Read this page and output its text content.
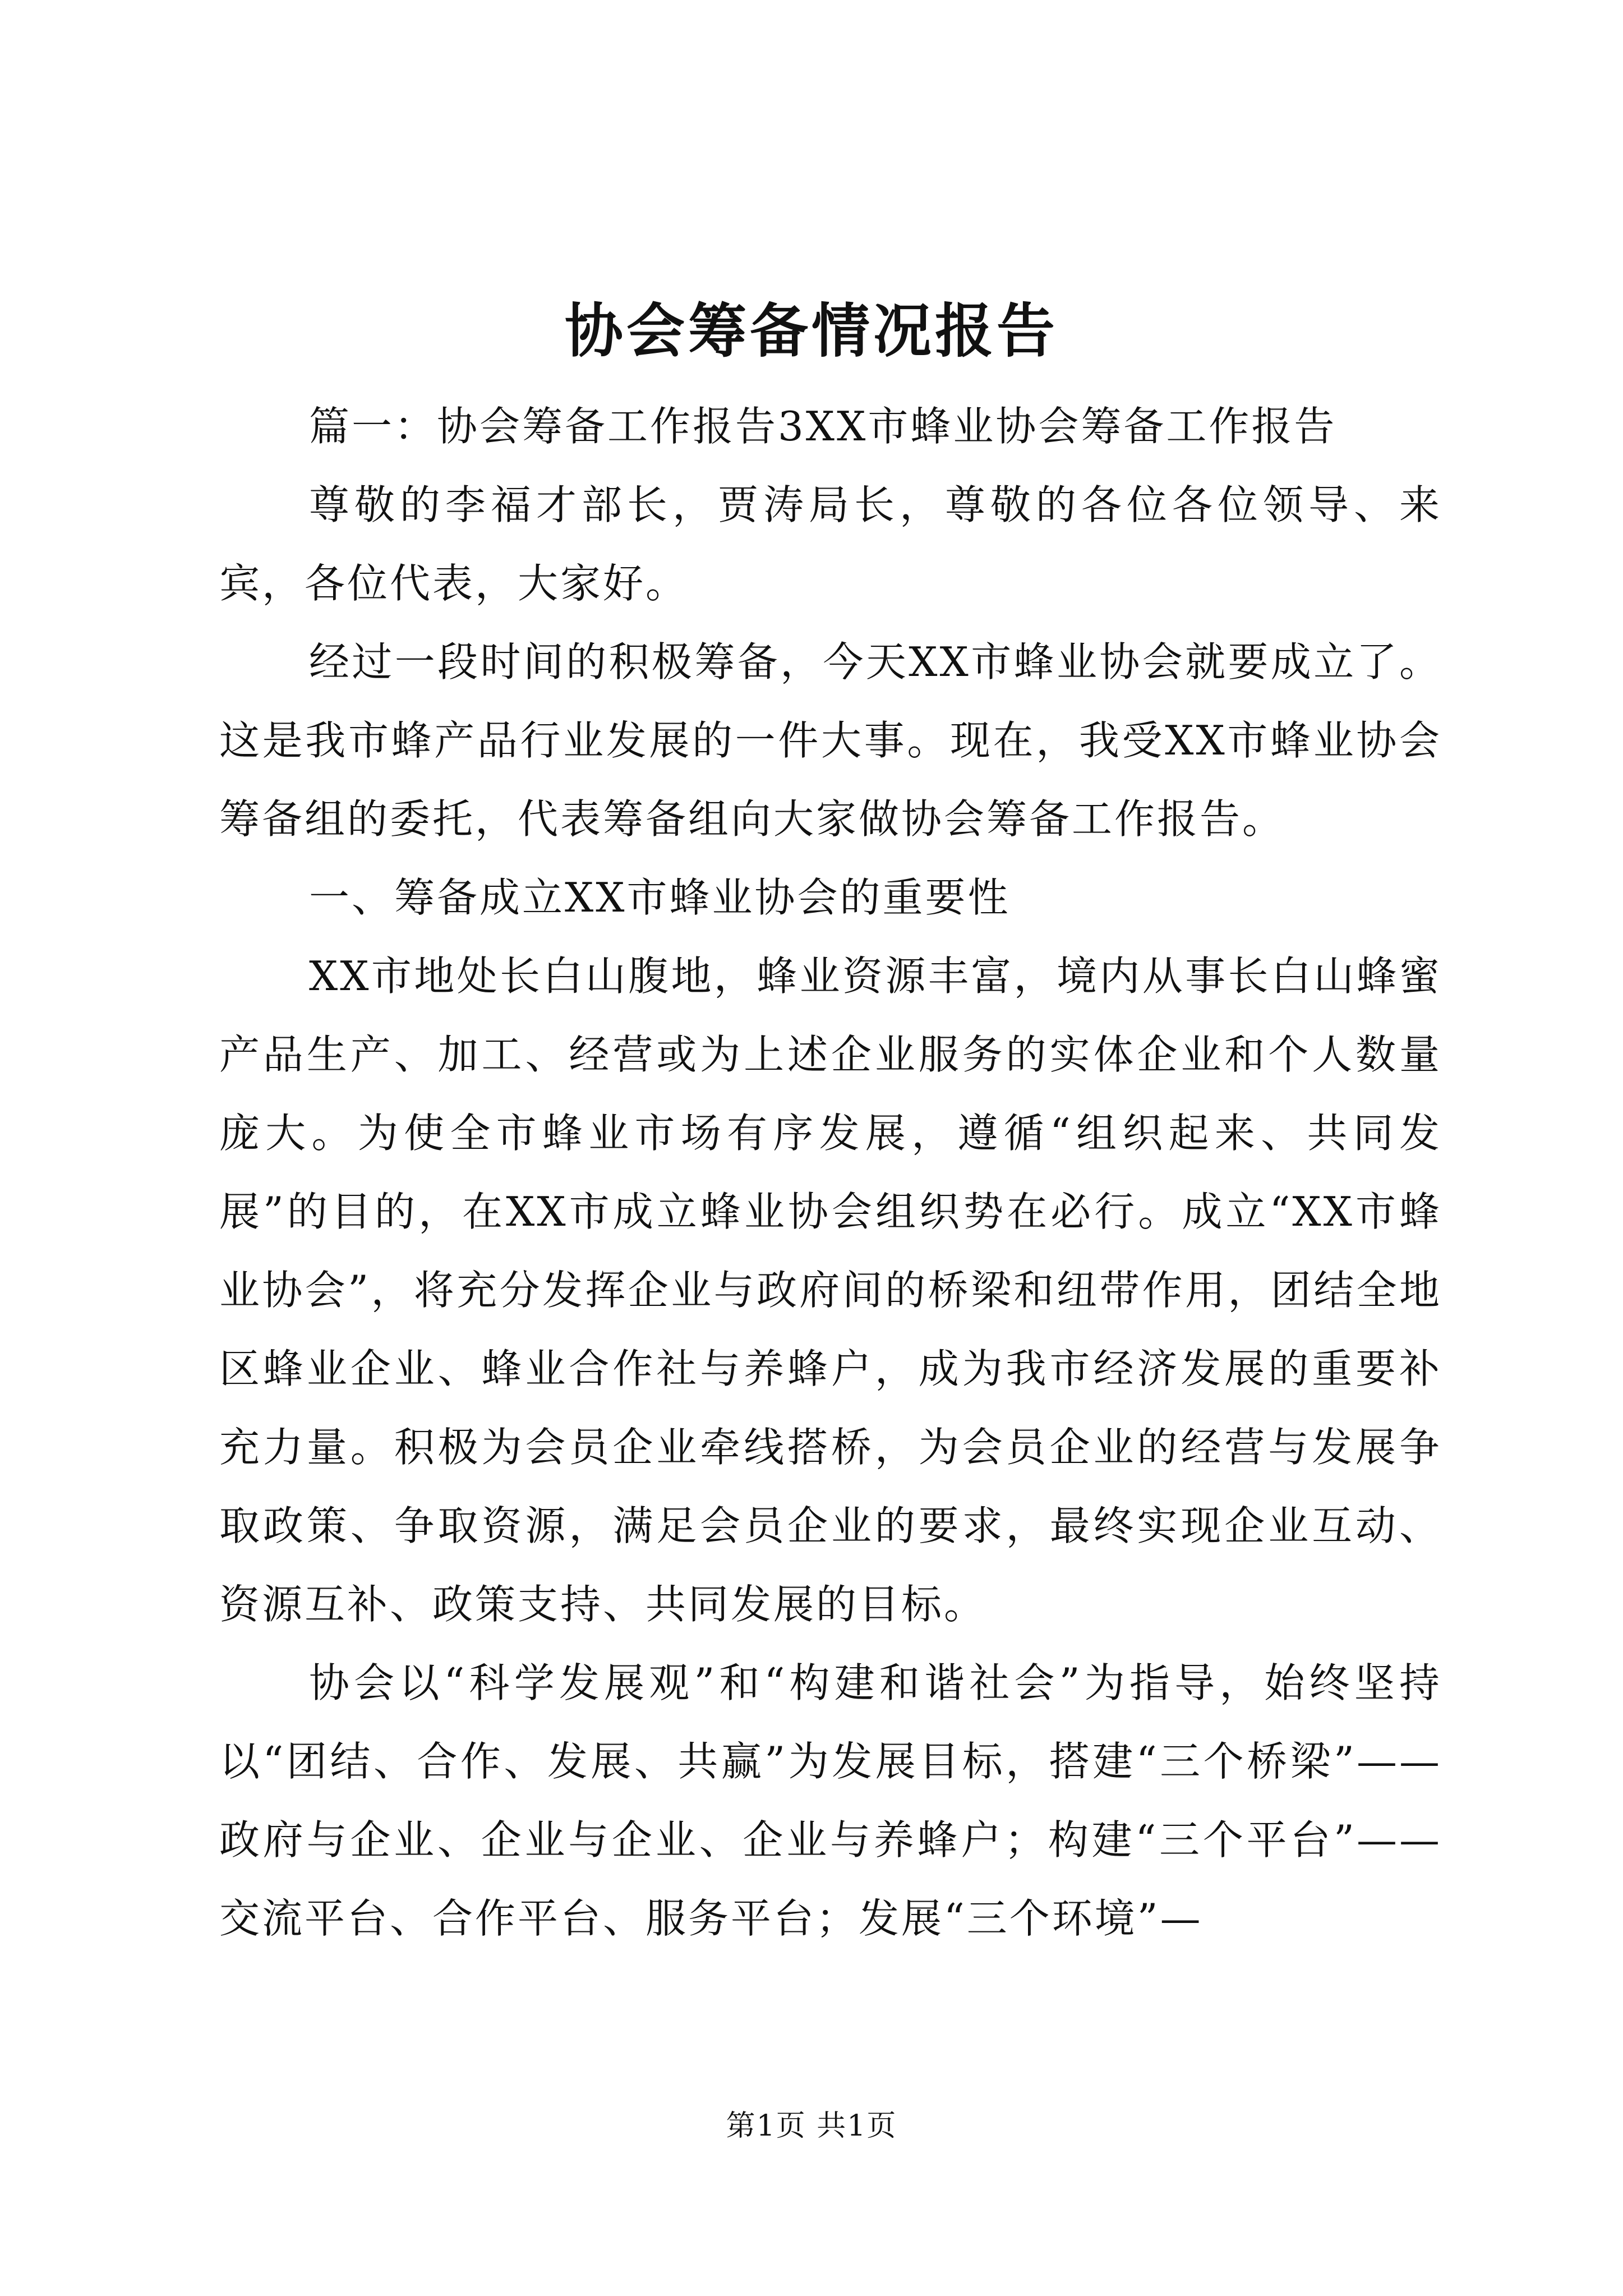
协会筹备情况报告

篇一：协会筹备工作报告3XX市蜂业协会筹备工作报告

尊敬的李福才部长，贾涛局长，尊敬的各位各位领导、来宾，各位代表，大家好。

经过一段时间的积极筹备，今天XX市蜂业协会就要成立了。这是我市蜂产品行业发展的一件大事。现在，我受XX市蜂业协会筹备组的委托，代表筹备组向大家做协会筹备工作报告。

一、筹备成立XX市蜂业协会的重要性

XX市地处长白山腹地，蜂业资源丰富，境内从事长白山蜂蜜产品生产、加工、经营或为上述企业服务的实体企业和个人数量庞大。为使全市蜂业市场有序发展，遵循“组织起来、共同发展”的目的，在XX市成立蜂业协会组织势在必行。成立“XX市蜂业协会”，将充分发挥企业与政府间的桥梁和纽带作用，团结全地区蜂业企业、蜂业合作社与养蜂户，成为我市经济发展的重要补充力量。积极为会员企业牵线搭桥，为会员企业的经营与发展争取政策、争取资源，满足会员企业的要求，最终实现企业互动、资源互补、政策支持、共同发展的目标。

协会以“科学发展观”和“构建和谐社会”为指导，始终坚持以“团结、合作、发展、共赢”为发展目标，搭建“三个桥梁”——政府与企业、企业与企业、企业与养蜂户；构建“三个平台”——交流平台、合作平台、服务平台；发展“三个环境”—

第1页 共1页
